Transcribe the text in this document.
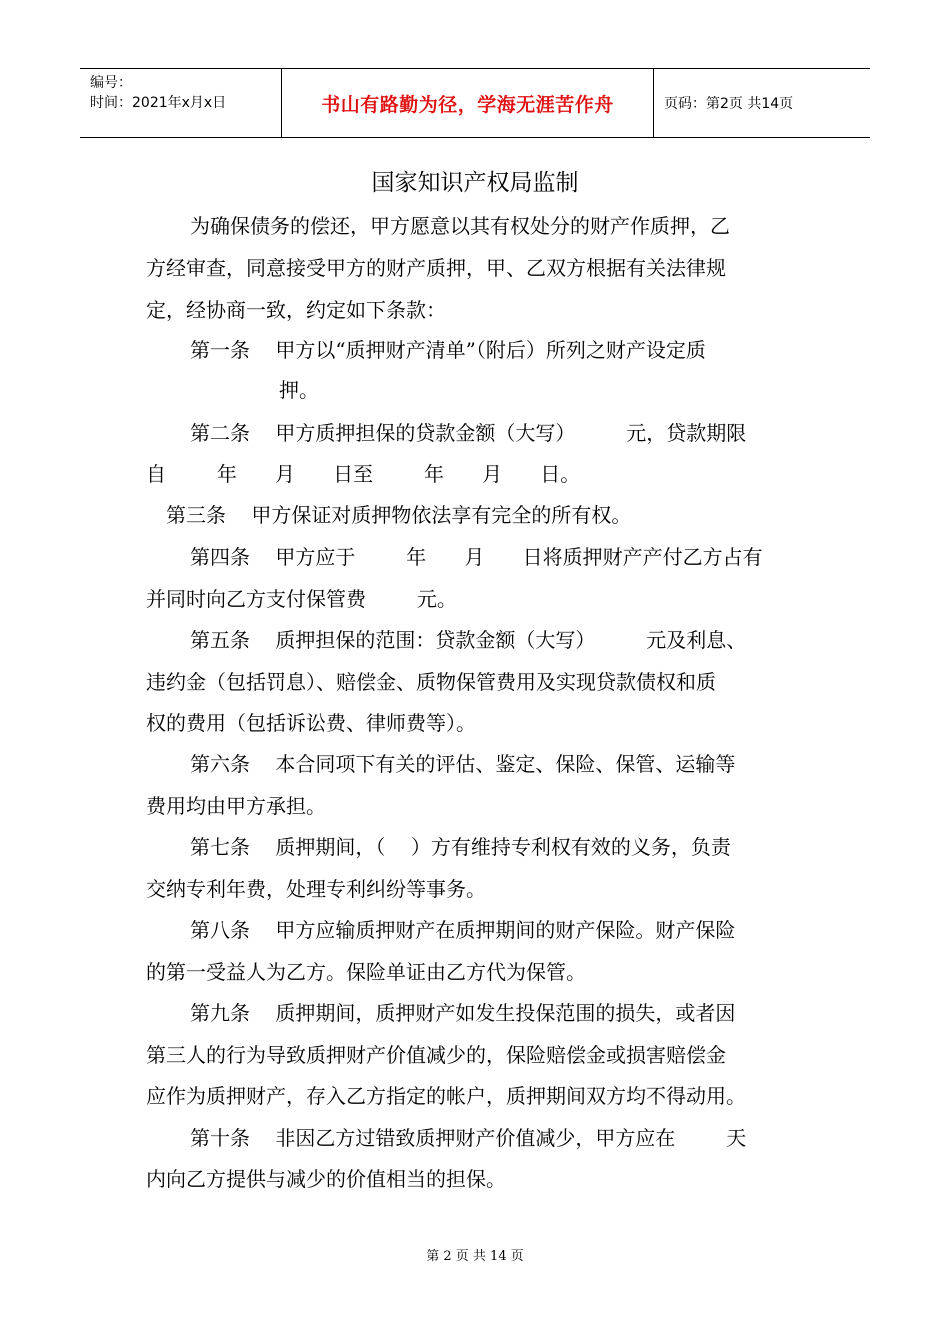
编号：
时间：2021年x月x日	书山有路勤为径，学海无涯苦作舟	页码：第2页 共14页
国家知识产权局监制
为确保债务的偿还，甲方愿意以其有权处分的财产作质押，乙
方经审查，同意接受甲方的财产质押，甲、乙双方根据有关法律规
定，经协商一致，约定如下条款：
第一条    甲方以“质押财产清单”（附后）所列之财产设定质
押。
第二条    甲方质押担保的贷款金额（大写）        元，贷款期限
自        年      月      日至        年      月      日。
第三条    甲方保证对质押物依法享有完全的所有权。
第四条    甲方应于        年      月      日将质押财产产付乙方占有
并同时向乙方支付保管费        元。
第五条    质押担保的范围：贷款金额（大写）        元及利息、
违约金（包括罚息）、赔偿金、质物保管费用及实现贷款债权和质
权的费用（包括诉讼费、律师费等）。
第六条    本合同项下有关的评估、鉴定、保险、保管、运输等
费用均由甲方承担。
第七条    质押期间，（    ）方有维持专利权有效的义务，负责
交纳专利年费，处理专利纠纷等事务。
第八条    甲方应输质押财产在质押期间的财产保险。财产保险
的第一受益人为乙方。保险单证由乙方代为保管。
第九条    质押期间，质押财产如发生投保范围的损失，或者因
第三人的行为导致质押财产价值减少的，保险赔偿金或损害赔偿金
应作为质押财产，存入乙方指定的帐户，质押期间双方均不得动用。
第十条    非因乙方过错致质押财产价值减少，甲方应在        天
内向乙方提供与减少的价值相当的担保。
第 2 页 共 14 页
